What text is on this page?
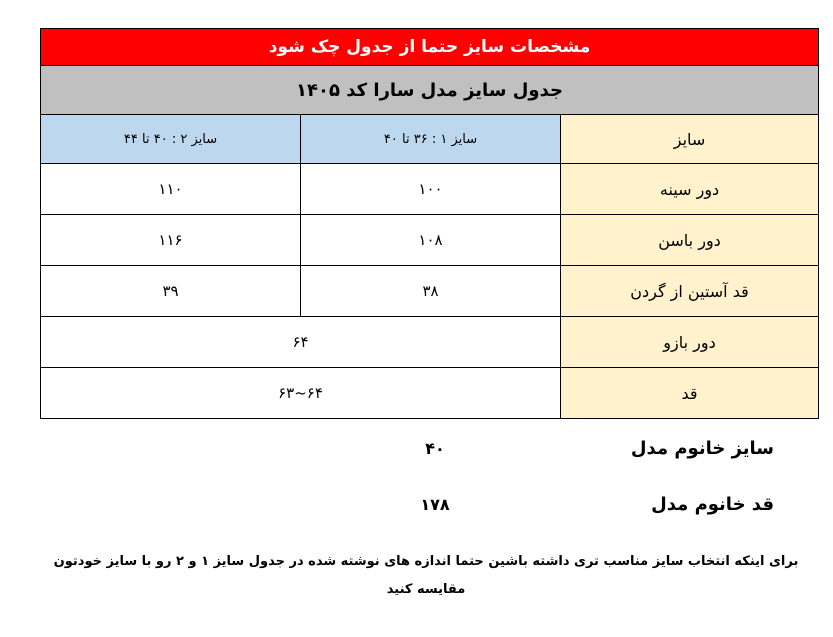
مشخصات سایز حتما از جدول چک شود		
جدول سایز مدل سارا کد ۱۴۰۵		
سایز	سایز ۱ : ۳۶ تا ۴۰	سایز ۲ : ۴۰ تا ۴۴
دور سینه	۱۰۰	۱۱۰
دور باسن	۱۰۸	۱۱۶
قد آستین از گردن	۳۸	۳۹
دور بازو	۶۴	
قد	۶۴~۶۳	
سایز خانوم مدل
۴۰
قد خانوم مدل
۱۷۸
برای اینکه انتخاب سایز مناسب تری داشته باشین حتما اندازه های نوشته شده در جدول سایز ۱ و ۲ رو با سایز خودتون مقایسه کنید
